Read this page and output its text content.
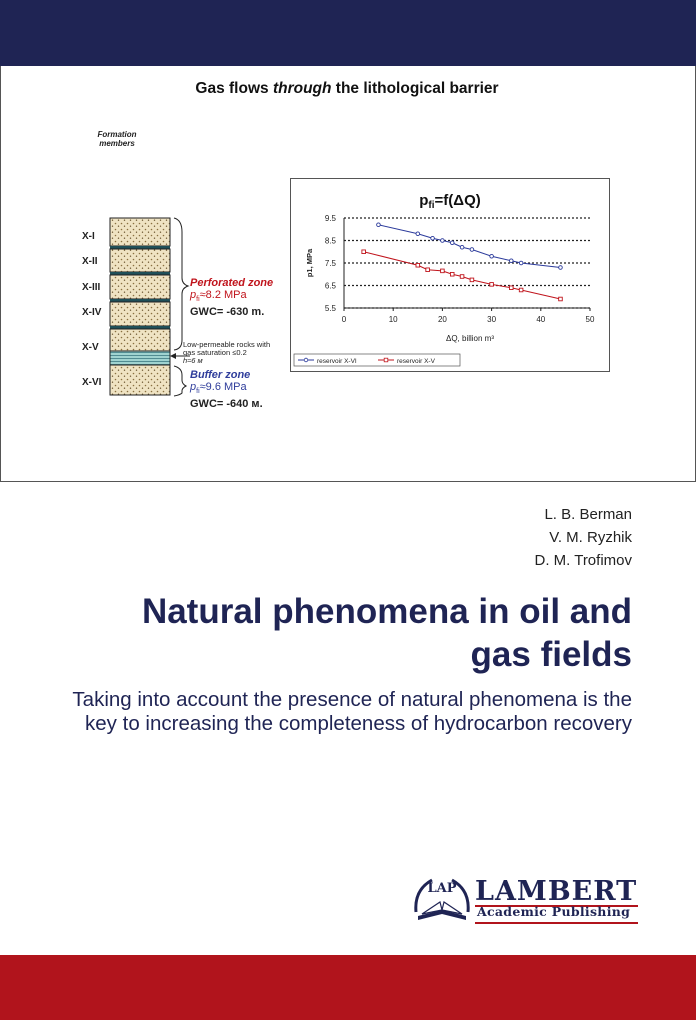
Gas flows through the lithological barrier
Formation members
X-I
X-II
X-III
X-IV
X-V
X-VI
Perforated zone
$p_{fi}\approx 8.2$ MPa
GWC= -630 m.
Low-permeable rocks with
gas saturation ≤0.2
h≈6 м
Buffer zone
$p_{fi}\approx 9.6$ MPa
GWC= -640 м.
$p_{fi}=f(\Delta Q)$
p1, MPa
ΔQ, billion m³
5.5
6.5
7.5
8.5
9.5
0	10	20	30	40	50
reservoir X-VI	reservoir X-V
L. B. Berman
V. M. Ryzhik
D. M. Trofimov
Natural phenomena in oil and gas fields
Taking into account the presence of natural phenomena is the key to increasing the completeness of hydrocarbon recovery
LAP LAMBERT
Academic Publishing
